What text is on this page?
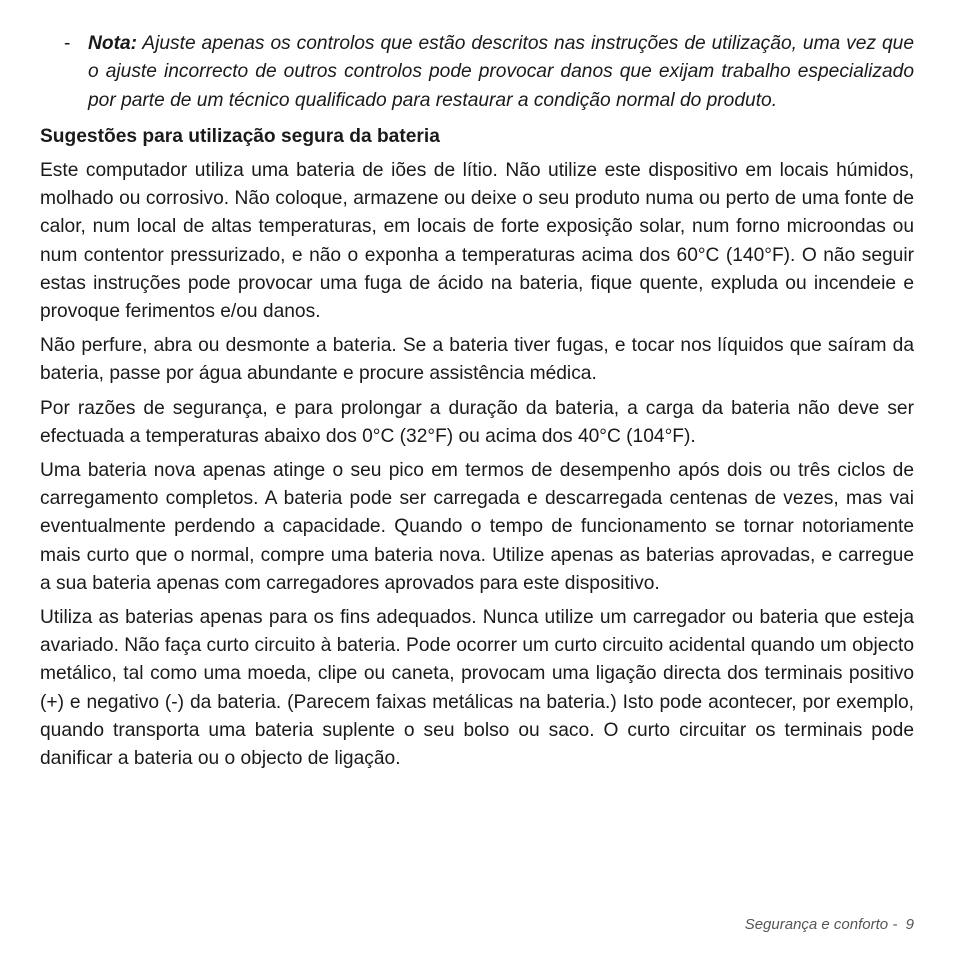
- Nota: Ajuste apenas os controlos que estão descritos nas instruções de utilização, uma vez que o ajuste incorrecto de outros controlos pode provocar danos que exijam trabalho especializado por parte de um técnico qualificado para restaurar a condição normal do produto.

Sugestões para utilização segura da bateria

Este computador utiliza uma bateria de iões de lítio. Não utilize este dispositivo em locais húmidos, molhado ou corrosivo. Não coloque, armazene ou deixe o seu produto numa ou perto de uma fonte de calor, num local de altas temperaturas, em locais de forte exposição solar, num forno microondas ou num contentor pressurizado, e não o exponha a temperaturas acima dos 60°C (140°F). O não seguir estas instruções pode provocar uma fuga de ácido na bateria, fique quente, expluda ou incendeie e provoque ferimentos e/ou danos.

Não perfure, abra ou desmonte a bateria. Se a bateria tiver fugas, e tocar nos líquidos que saíram da bateria, passe por água abundante e procure assistência médica.

Por razões de segurança, e para prolongar a duração da bateria, a carga da bateria não deve ser efectuada a temperaturas abaixo dos 0°C (32°F) ou acima dos 40°C (104°F).

Uma bateria nova apenas atinge o seu pico em termos de desempenho após dois ou três ciclos de carregamento completos. A bateria pode ser carregada e descarregada centenas de vezes, mas vai eventualmente perdendo a capacidade. Quando o tempo de funcionamento se tornar notoriamente mais curto que o normal, compre uma bateria nova. Utilize apenas as baterias aprovadas, e carregue a sua bateria apenas com carregadores aprovados para este dispositivo.

Utiliza as baterias apenas para os fins adequados. Nunca utilize um carregador ou bateria que esteja avariado. Não faça curto circuito à bateria. Pode ocorrer um curto circuito acidental quando um objecto metálico, tal como uma moeda, clipe ou caneta, provocam uma ligação directa dos terminais positivo (+) e negativo (-) da bateria. (Parecem faixas metálicas na bateria.) Isto pode acontecer, por exemplo, quando transporta uma bateria suplente o seu bolso ou saco. O curto circuitar os terminais pode danificar a bateria ou o objecto de ligação.

Segurança e conforto - 9
